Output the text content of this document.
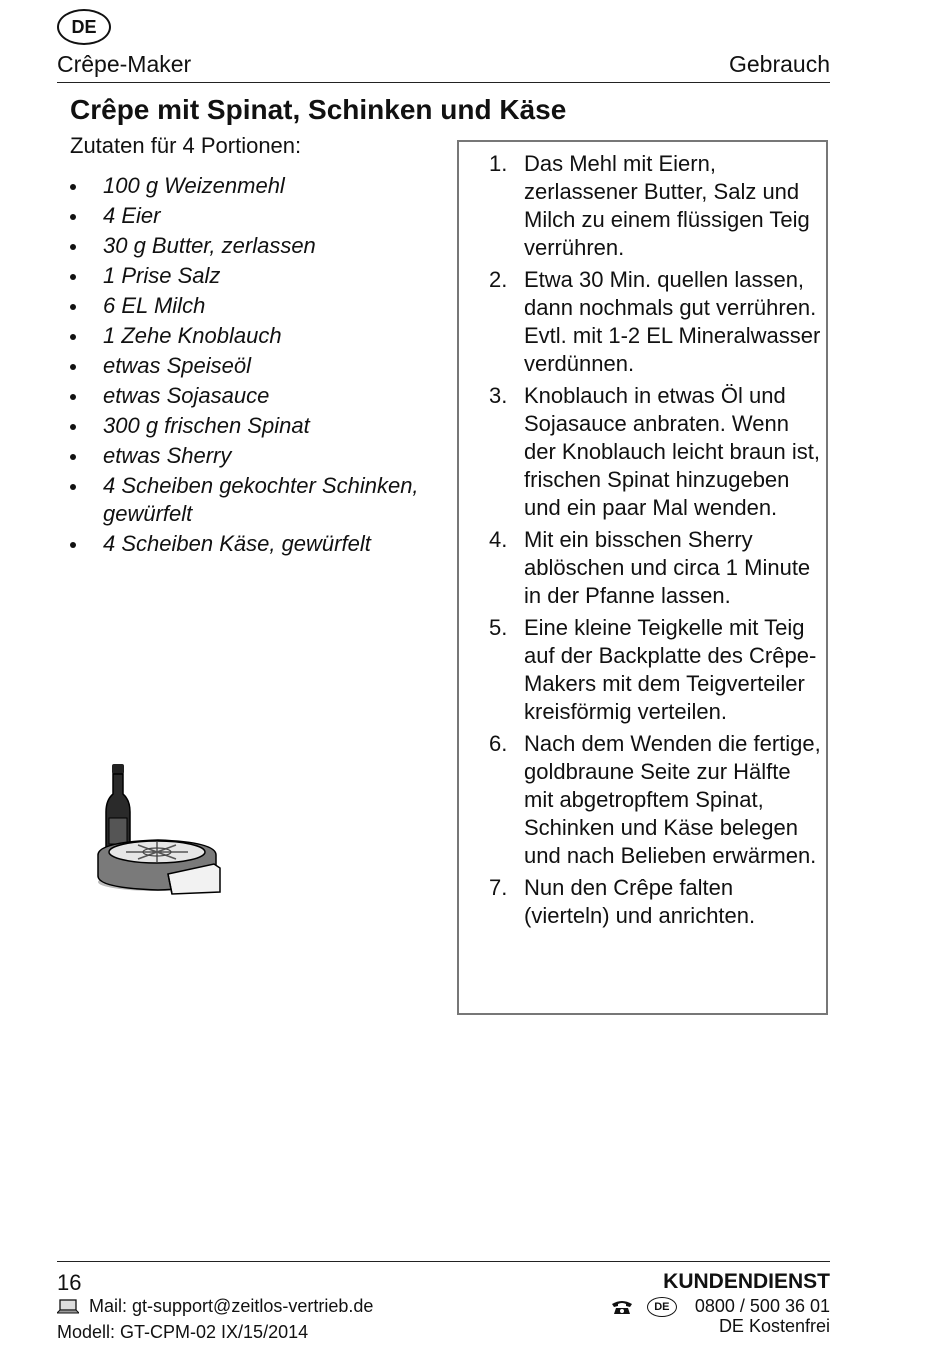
DE
Crêpe-Maker	Gebrauch
Crêpe mit Spinat, Schinken und Käse
Zutaten für 4 Portionen:
100 g Weizenmehl
4 Eier
30 g Butter, zerlassen
1 Prise Salz
6 EL Milch
1 Zehe Knoblauch
etwas Speiseöl
etwas Sojasauce
300 g frischen Spinat
etwas Sherry
4 Scheiben gekochter Schinken, gewürfelt
4 Scheiben Käse, gewürfelt
1. Das Mehl mit Eiern, zerlassener Butter, Salz und Milch zu einem flüssigen Teig verrühren.
2. Etwa 30 Min. quellen lassen, dann nochmals gut verrühren. Evtl. mit 1-2 EL Mineralwasser verdünnen.
3. Knoblauch in etwas Öl und Sojasauce anbraten. Wenn der Knoblauch leicht braun ist, frischen Spinat hinzugeben und ein paar Mal wenden.
4. Mit ein bisschen Sherry ablöschen und circa 1 Minute in der Pfanne lassen.
5. Eine kleine Teigkelle mit Teig auf der Backplatte des Crêpe-Makers mit dem Teigverteiler kreisförmig verteilen.
6. Nach dem Wenden die fertige, goldbraune Seite zur Hälfte mit abgetropftem Spinat, Schinken und Käse belegen und nach Belieben erwärmen.
7. Nun den Crêpe falten (vierteln) und anrichten.
16	KUNDENDIENST
Mail: gt-support@zeitlos-vertrieb.de
Modell: GT-CPM-02 IX/15/2014
DE	0800 / 500 36 01
DE Kostenfrei
